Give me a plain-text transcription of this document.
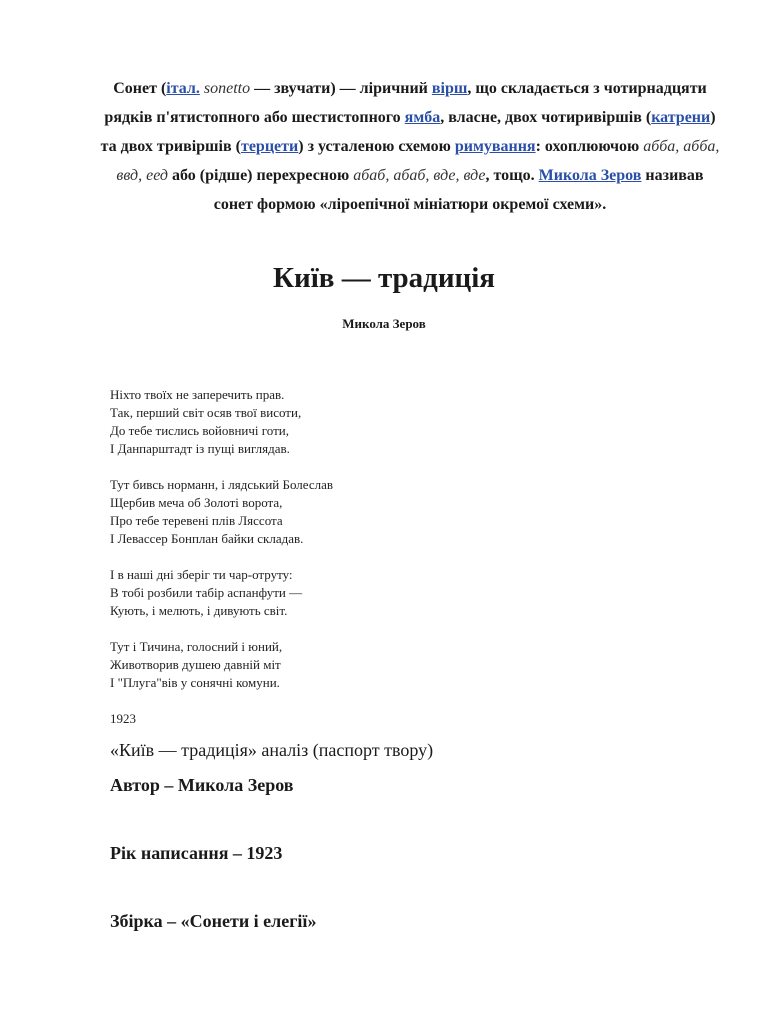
Сонет (італ. sonetto — звучати) — ліричний вірш, що складається з чотирнадцяти рядків п'ятистопного або шестистопного ямба, власне, двох чотиривіршів (катрени) та двох тривіршів (терцети) з усталеною схемою римування: охоплюючою абба, абба, ввд, еед або (рідше) перехресною абаб, абаб, вде, вде, тощо. Микола Зеров називав сонет формою «ліроепічної мініатюри окремої схеми».

Київ — традиція
Микола Зеров
Ніхто твоїх не заперечить прав.
Так, перший світ осяв твої висоти,
До тебе тислись войовничі готи,
І Данпарштадт із пущі виглядав.
Тут бивсь норманн, і лядський Болеслав
Щербив меча об Золоті ворота,
Про тебе теревені плів Ляссота
І Левассер Бонплан байки складав.
І в наші дні зберіг ти чар-отруту:
В тобі розбили табір аспанфути —
Кують, і мелють, і дивують світ.
Тут і Тичина, голосний і юний,
Животворив душею давній міт
І "Плуга"вів у сонячні комуни.
1923
«Київ — традиція» аналіз (паспорт твору)
Автор – Микола Зеров
Рік написання – 1923
Збірка – «Сонети і елегії»
